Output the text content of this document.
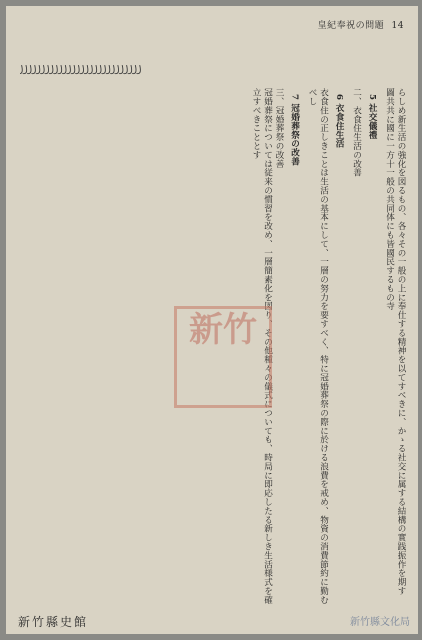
皇紀奉祝の問題 14
꠸꠸꠸꠸꠸꠸꠸꠸꠸꠸꠸꠸꠸꠸꠸꠸꠸꠸꠸꠸꠸꠸꠸꠸꠸꠸꠸꠸

らしめ新生活の強化を図るもの、各々その一般の上に奉仕する精神を以てすべきに、かゝる社交に属する結構の實践振作を期す

圖共共に國に一方十一般の共同体にも皆國民するもの寺

5 社交儀禮

二、衣食住生活の改善

6 衣食住生活

衣食住の正しきことは生活の基本にして、一層の努力を要すべく、特に冠婚葬祭の際に於ける浪費を戒め、物資の消費節約に勤むべし

7 冠婚葬祭の改善

三、冠婚葬祭の改善

冠婚葬祭については従来の慣習を改め、一層簡素化を図り、その他種々の儀式についても、時局に即応したる新しき生活様式を確立すべきこととす

新竹
新竹縣文化局
新竹縣史館
